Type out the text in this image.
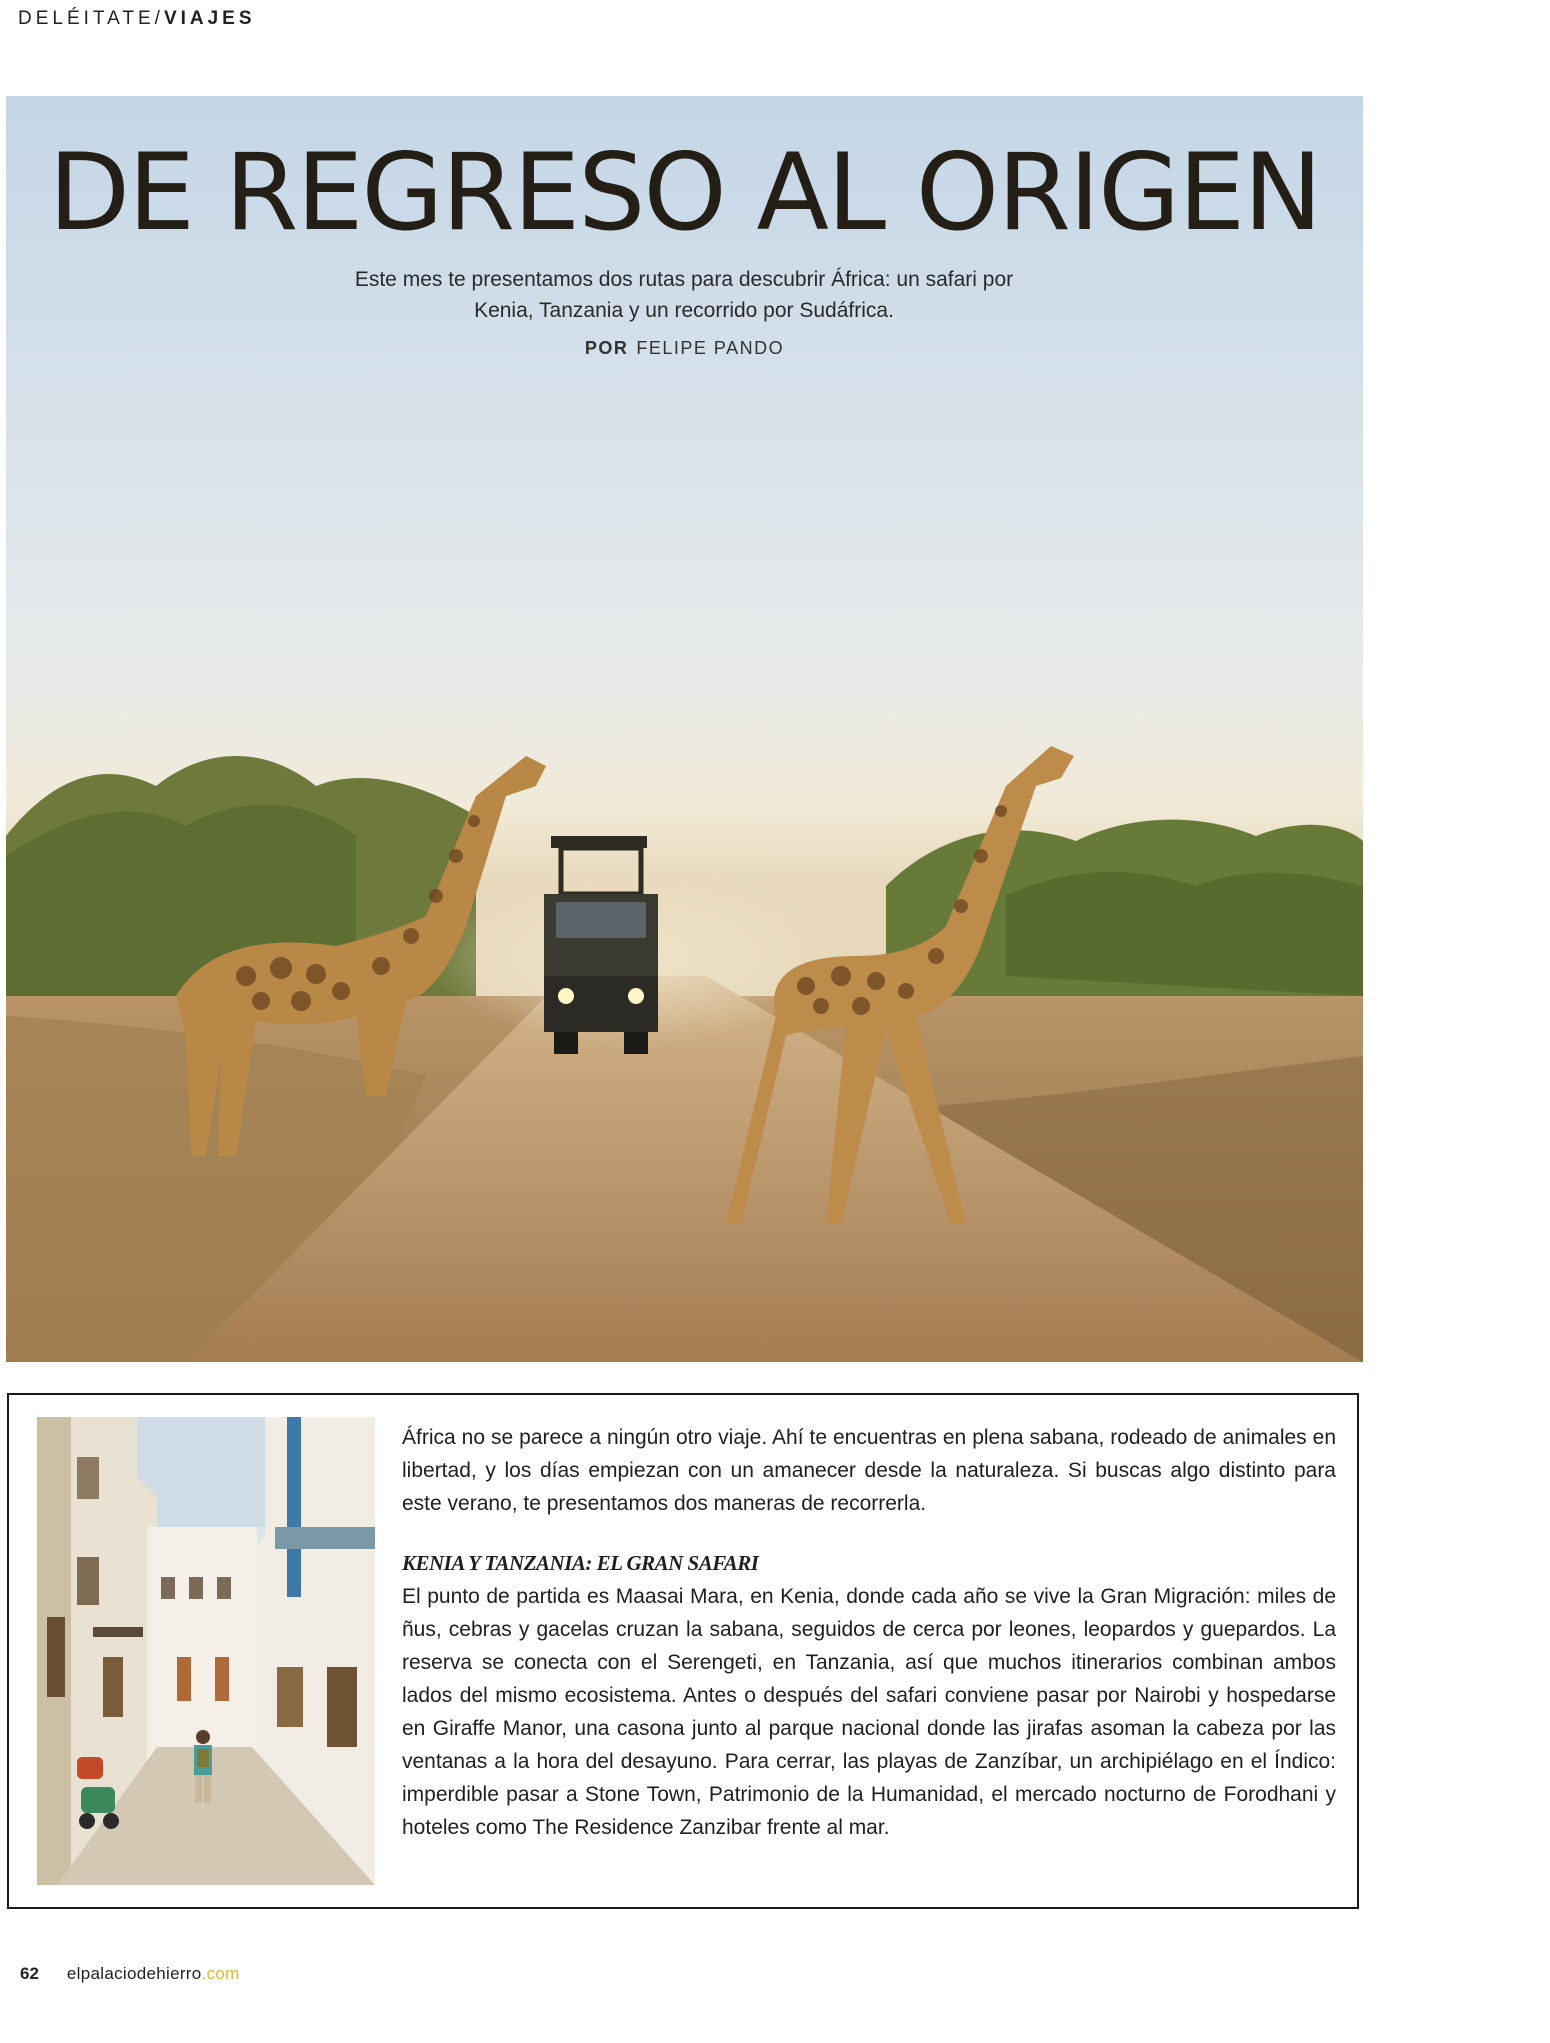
DELÉITATE/VIAJES
DE REGRESO AL ORIGEN

Este mes te presentamos dos rutas para descubrir África: un safari por Kenia, Tanzania y un recorrido por Sudáfrica.

POR FELIPE PANDO

África no se parece a ningún otro viaje. Ahí te encuentras en plena sabana, rodeado de animales en libertad, y los días empiezan con un amanecer desde la naturaleza. Si buscas algo distinto para este verano, te presentamos dos maneras de recorrerla.

KENIA Y TANZANIA: EL GRAN SAFARI

El punto de partida es Maasai Mara, en Kenia, donde cada año se vive la Gran Migración: miles de ñus, cebras y gacelas cruzan la sabana, seguidos de cerca por leones, leopardos y guepardos. La reserva se conecta con el Serengeti, en Tanzania, así que muchos itinerarios combinan ambos lados del mismo ecosistema. Antes o después del safari conviene pasar por Nairobi y hospedarse en Giraffe Manor, una casona junto al parque nacional donde las jirafas asoman la cabeza por las ventanas a la hora del desayuno. Para cerrar, las playas de Zanzíbar, un archipiélago en el Índico: imperdible pasar a Stone Town, Patrimonio de la Humanidad, el mercado nocturno de Forodhani y hoteles como The Residence Zanzibar frente al mar.

62 elpalaciodehierro.com
